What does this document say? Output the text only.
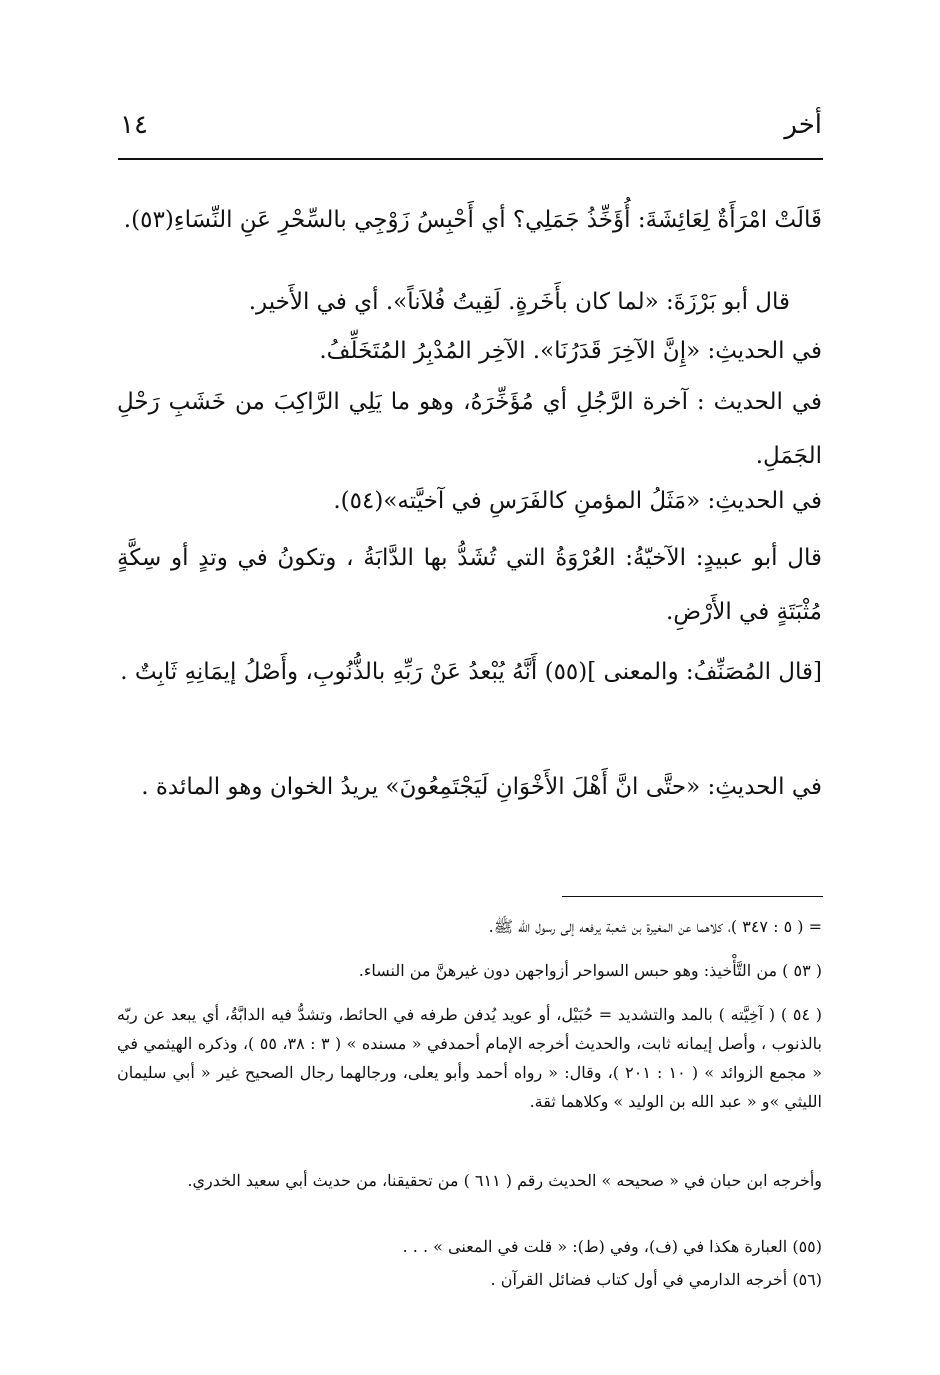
أخر
١٤
قَالَتْ امْرَأَةٌ لِعَائِشَةَ: أُؤَخِّذُ جَمَلِي؟ أي أَحْبِسُ زَوْجِي بالسِّحْرِ عَنِ النِّسَاءِ(٥٣).
قال أبو بَرْزَةَ: «لما كان بأَخَرةٍ. لَقِيتُ فُلاَناً». أي في الأَخير.
في الحديثِ: «إِنَّ الآخِرَ قَدَرُنَا». الآخِر المُدْبِرُ المُتَخَلِّفُ.
في الحديث : آخرة الرَّجُلِ أي مُؤَخِّرَهُ، وهو ما يَلِي الرَّاكِبَ من خَشَبِ رَحْلِ الجَمَلِ.
في الحديثِ: «مَثَلُ المؤمنِ كالفَرَسِ في آخيَّته»(٥٤).
قال أبو عبيدٍ: الآخيّةُ: العُرْوَةُ التي تُشَدُّ بها الدَّابَةُ ، وتكونُ في وتدٍ أو سِكَّةٍ مُثْبَتَةٍ في الأَرْضِ.
[قال المُصَنِّفُ: والمعنى ](٥٥) أَنَّهُ يُبْعدُ عَنْ رَبِّهِ بالذُّنُوبِ، وأَصْلُ إيمَانِهِ ثَابِتٌ .
في الحديثِ: «حتَّى انَّ أَهْلَ الأَخْوَانِ لَيَجْتَمِعُونَ» يريدُ الخوان وهو المائدة .
= ( ٥ : ٣٤٧ )، كلاهما عن المغيرة بن شعبة يرفعه إلى رسول الله ﷺ.
( ٥٣ ) من التَّأْخيذ: وهو حبس السواحر أزواجهن دون غيرهنَّ من النساء.
( ٥٤ ) ( آخِيَّته ) بالمد والتشديد = حُبَيْل، أو عويد يُدفن طرفه في الحائط، وتشدُّ فيه الدابَّةُ، أي يبعد عن ربّه بالذنوب ، وأصل إيمانه ثابت، والحديث أخرجه الإمام أحمدفي « مسنده » ( ٣ : ٣٨، ٥٥ )، وذكره الهيثمي في « مجمع الزوائد » ( ١٠ : ٢٠١ )، وقال: « رواه أحمد وأبو يعلى، ورجالهما رجال الصحيح غير « أبي سليمان الليثي »و « عبد الله بن الوليد » وكلاهما ثقة.
وأخرجه ابن حبان في « صحيحه » الحديث رقم ( ٦١١ ) من تحقيقنا، من حديث أبي سعيد الخدري.
(٥٥) العبارة هكذا في (ف)، وفي (ط): « قلت في المعنى » . . .
(٥٦) أخرجه الدارمي في أول كتاب فضائل القرآن .
